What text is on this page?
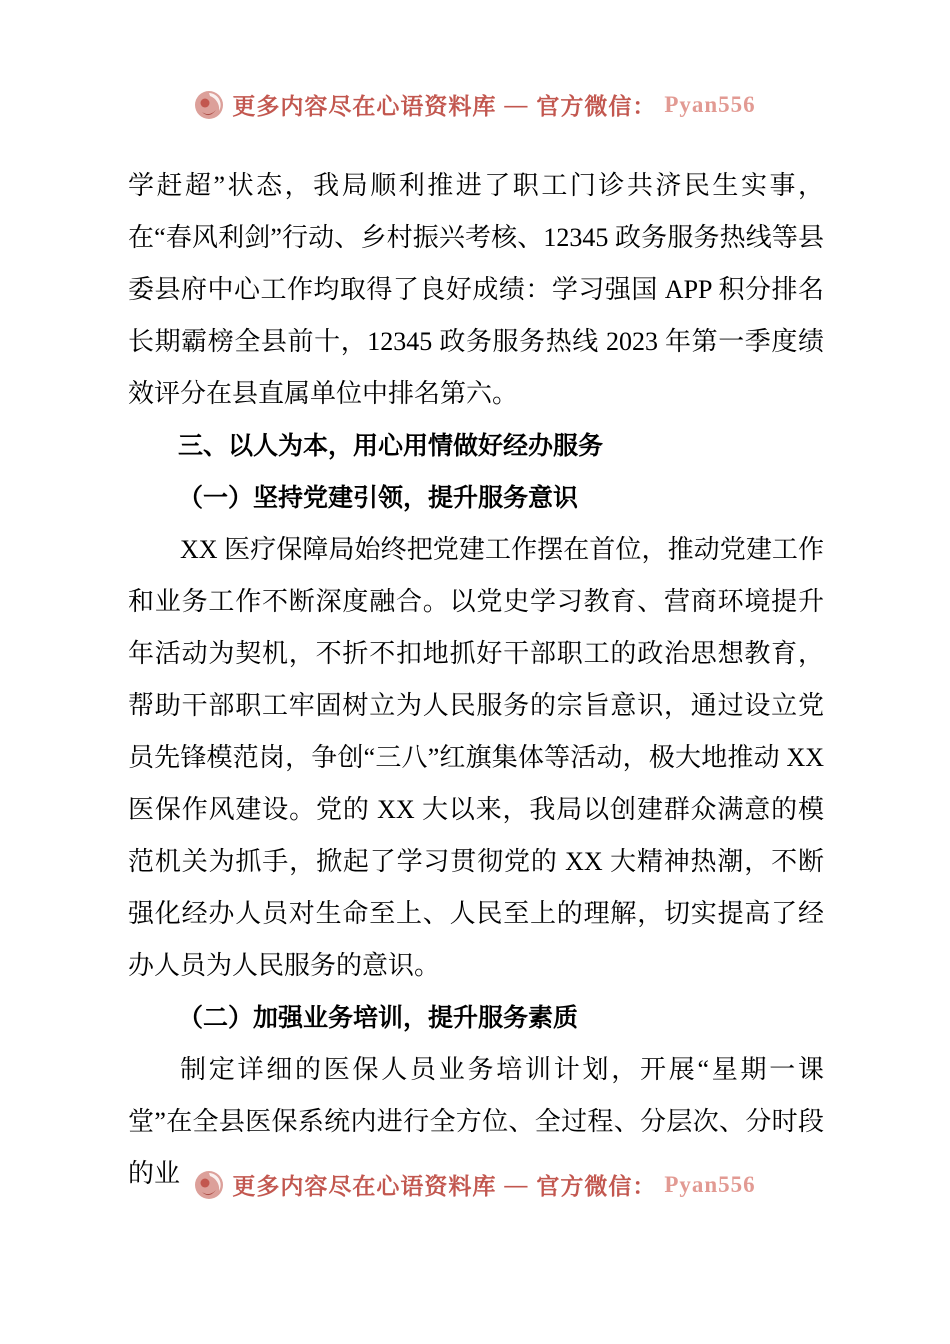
更多内容尽在心语资料库 — 官方微信： Pyan556

学赶超”状态，我局顺利推进了职工门诊共济民生实事，在“春风利剑”行动、乡村振兴考核、12345 政务服务热线等县委县府中心工作均取得了良好成绩：学习强国 APP 积分排名长期霸榜全县前十，12345 政务服务热线 2023 年第一季度绩效评分在县直属单位中排名第六。

三、以人为本，用心用情做好经办服务

（一）坚持党建引领，提升服务意识

XX 医疗保障局始终把党建工作摆在首位，推动党建工作和业务工作不断深度融合。以党史学习教育、营商环境提升年活动为契机，不折不扣地抓好干部职工的政治思想教育，帮助干部职工牢固树立为人民服务的宗旨意识，通过设立党员先锋模范岗，争创“三八”红旗集体等活动，极大地推动 XX 医保作风建设。党的 XX 大以来，我局以创建群众满意的模范机关为抓手，掀起了学习贯彻党的 XX 大精神热潮，不断强化经办人员对生命至上、人民至上的理解，切实提高了经办人员为人民服务的意识。

（二）加强业务培训，提升服务素质

制定详细的医保人员业务培训计划，开展“星期一课堂”在全县医保系统内进行全方位、全过程、分层次、分时段的业	更多内容尽在心语资料库 — 官方微信： Pyan556
